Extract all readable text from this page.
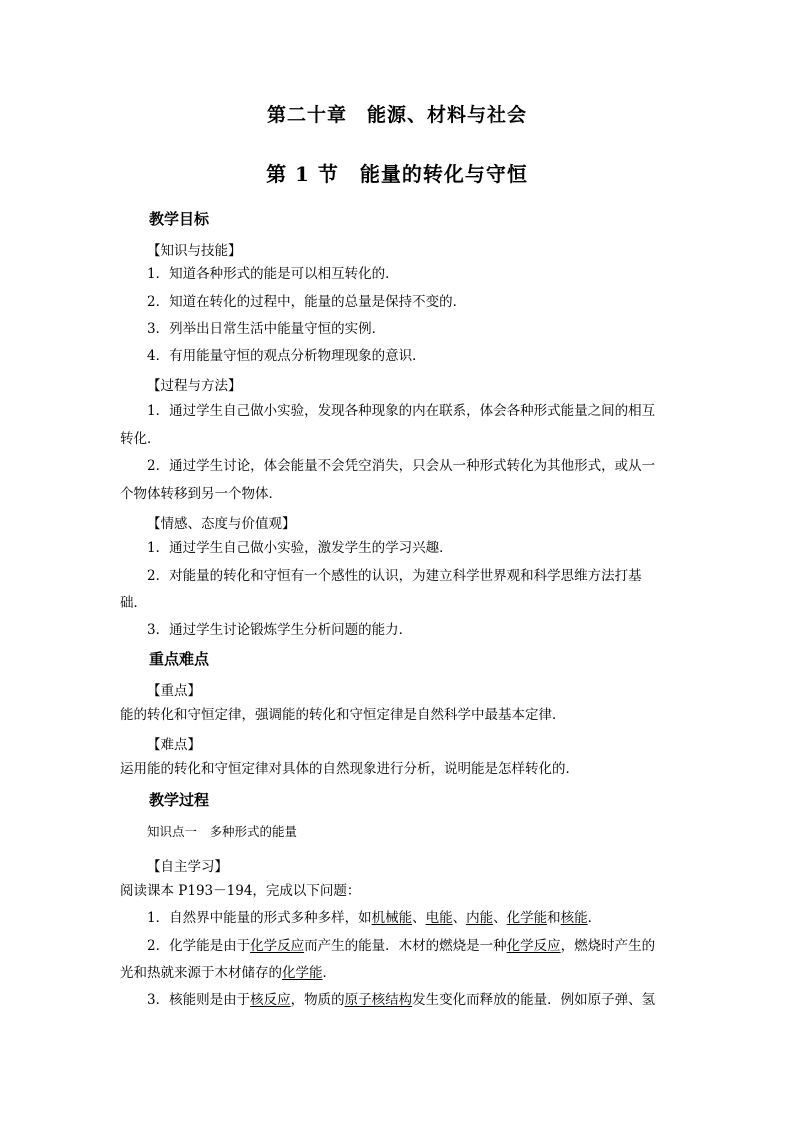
第二十章　能源、材料与社会
第 1 节　能量的转化与守恒
教学目标
【知识与技能】
1．知道各种形式的能是可以相互转化的．
2．知道在转化的过程中，能量的总量是保持不变的．
3．列举出日常生活中能量守恒的实例．
4．有用能量守恒的观点分析物理现象的意识．
【过程与方法】
1．通过学生自己做小实验，发现各种现象的内在联系，体会各种形式能量之间的相互
转化．
2．通过学生讨论，体会能量不会凭空消失，只会从一种形式转化为其他形式，或从一
个物体转移到另一个物体．
【情感、态度与价值观】
1．通过学生自己做小实验，激发学生的学习兴趣．
2．对能量的转化和守恒有一个感性的认识，为建立科学世界观和科学思维方法打基
础．
3．通过学生讨论锻炼学生分析问题的能力．
重点难点
【重点】
能的转化和守恒定律，强调能的转化和守恒定律是自然科学中最基本定律．
【难点】
运用能的转化和守恒定律对具体的自然现象进行分析，说明能是怎样转化的．
教学过程
知识点一　多种形式的能量
【自主学习】
阅读课本 P193－194，完成以下问题：
1．自然界中能量的形式多种多样，如机械能、电能、内能、化学能和核能．
2．化学能是由于化学反应而产生的能量．木材的燃烧是一种化学反应，燃烧时产生的
光和热就来源于木材储存的化学能．
3．核能则是由于核反应，物质的原子核结构发生变化而释放的能量．例如原子弹、氢
